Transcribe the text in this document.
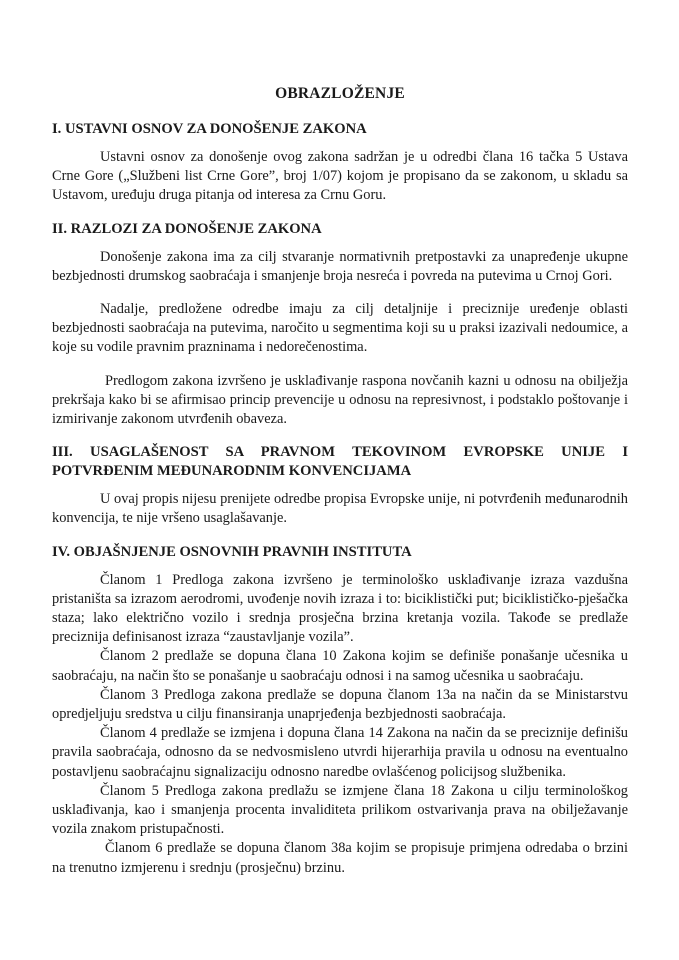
OBRAZLOŽENJE
I. USTAVNI OSNOV ZA DONOŠENJE ZAKONA

Ustavni osnov za donošenje ovog zakona sadržan je u odredbi člana 16 tačka 5 Ustava Crne Gore („Službeni list Crne Gore”, broj 1/07) kojom je propisano da se zakonom, u skladu sa Ustavom, uređuju druga pitanja od interesa za Crnu Goru.

II. RAZLOZI ZA DONOŠENJE ZAKONA

Donošenje zakona ima za cilj stvaranje normativnih pretpostavki za unapređenje ukupne bezbjednosti drumskog saobraćaja i smanjenje broja nesreća i povreda na putevima u Crnoj Gori.

Nadalje, predložene odredbe imaju za cilj detaljnije i preciznije uređenje oblasti bezbjednosti saobraćaja na putevima, naročito u segmentima koji su u praksi izazivali nedoumice, a koje su vodile pravnim prazninama i nedorečenostima.

Predlogom zakona izvršeno je usklađivanje raspona novčanih kazni u odnosu na obilježja prekršaja kako bi se afirmisao princip prevencije u odnosu na represivnost, i podstaklo poštovanje i izmirivanje zakonom utvrđenih obaveza.

III. USAGLAŠENOST SA PRAVNOM TEKOVINOM EVROPSKE UNIJE I POTVRĐENIM MEĐUNARODNIM KONVENCIJAMA

U ovaj propis nijesu prenijete odredbe propisa Evropske unije, ni potvrđenih međunarodnih konvencija, te nije vršeno usaglašavanje.

IV. OBJAŠNJENJE OSNOVNIH PRAVNIH INSTITUTA

Članom 1 Predloga zakona izvršeno je terminološko usklađivanje izraza vazdušna pristaništa sa izrazom aerodromi, uvođenje novih izraza i to: biciklistički put; biciklističko-pješačka staza; lako električno vozilo i srednja prosječna brzina kretanja vozila. Takođe se predlaže preciznija definisanost izraza “zaustavljanje vozila”.

Članom 2 predlaže se dopuna člana 10 Zakona kojim se definiše ponašanje učesnika u saobraćaju, na način što se ponašanje u saobraćaju odnosi i na samog učesnika u saobraćaju.

Članom 3 Predloga zakona predlaže se dopuna članom 13a na način da se Ministarstvu opredjeljuju sredstva u cilju finansiranja unaprjeđenja bezbjednosti saobraćaja.

Članom 4 predlaže se izmjena i dopuna člana 14 Zakona na način da se preciznije definišu pravila saobraćaja, odnosno da se nedvosmisleno utvrdi hijerarhija pravila u odnosu na eventualno postavljenu saobraćajnu signalizaciju odnosno naredbe ovlašćenog policijsog službenika.

Članom 5 Predloga zakona predlažu se izmjene člana 18 Zakona u cilju terminološkog usklađivanja, kao i smanjenja procenta invaliditeta prilikom ostvarivanja prava na obilježavanje vozila znakom pristupačnosti.

Članom 6 predlaže se dopuna članom 38a kojim se propisuje primjena odredaba o brzini na trenutno izmjerenu i srednju (prosječnu) brzinu.
